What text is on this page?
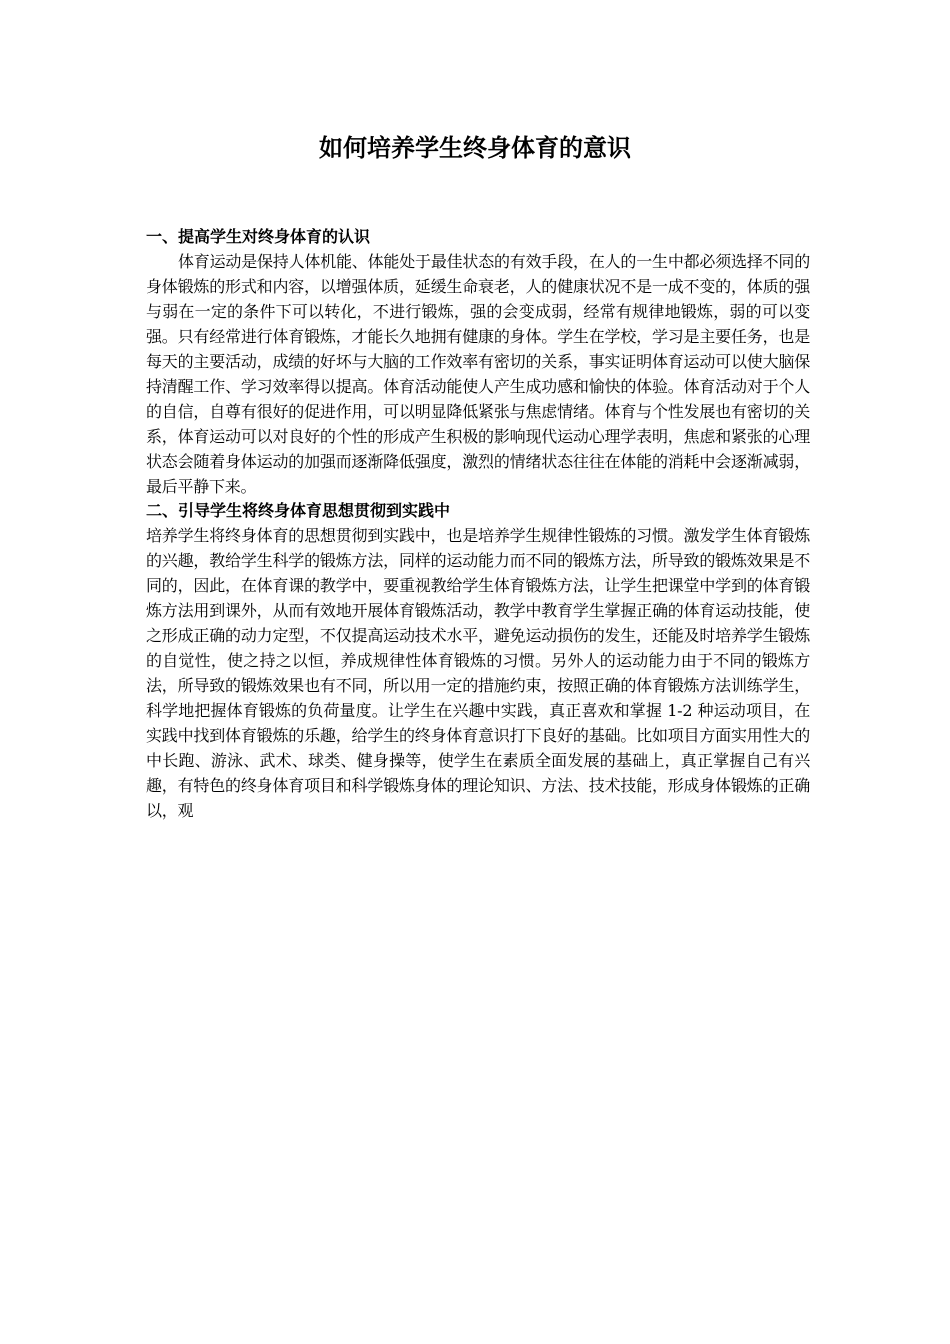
如何培养学生终身体育的意识

一、提高学生对终身体育的认识

体育运动是保持人体机能、体能处于最佳状态的有效手段，在人的一生中都必须选择不同的身体锻炼的形式和内容，以增强体质，延缓生命衰老，人的健康状况不是一成不变的，体质的强与弱在一定的条件下可以转化，不进行锻炼，强的会变成弱，经常有规律地锻炼，弱的可以变强。只有经常进行体育锻炼，才能长久地拥有健康的身体。学生在学校，学习是主要任务，也是每天的主要活动，成绩的好坏与大脑的工作效率有密切的关系，事实证明体育运动可以使大脑保持清醒工作、学习效率得以提高。体育活动能使人产生成功感和愉快的体验。体育活动对于个人的自信，自尊有很好的促进作用，可以明显降低紧张与焦虑情绪。体育与个性发展也有密切的关系，体育运动可以对良好的个性的形成产生积极的影响现代运动心理学表明，焦虑和紧张的心理状态会随着身体运动的加强而逐渐降低强度，激烈的情绪状态往往在体能的消耗中会逐渐减弱，最后平静下来。

二、引导学生将终身体育思想贯彻到实践中

培养学生将终身体育的思想贯彻到实践中，也是培养学生规律性锻炼的习惯。激发学生体育锻炼的兴趣，教给学生科学的锻炼方法，同样的运动能力而不同的锻炼方法，所导致的锻炼效果是不同的，因此，在体育课的教学中，要重视教给学生体育锻炼方法，让学生把课堂中学到的体育锻炼方法用到课外，从而有效地开展体育锻炼活动，教学中教育学生掌握正确的体育运动技能，使之形成正确的动力定型，不仅提高运动技术水平，避免运动损伤的发生，还能及时培养学生锻炼的自觉性，使之持之以恒，养成规律性体育锻炼的习惯。另外人的运动能力由于不同的锻炼方法，所导致的锻炼效果也有不同，所以用一定的措施约束，按照正确的体育锻炼方法训练学生，科学地把握体育锻炼的负荷量度。让学生在兴趣中实践，真正喜欢和掌握 1-2 种运动项目，在实践中找到体育锻炼的乐趣，给学生的终身体育意识打下良好的基础。比如项目方面实用性大的中长跑、游泳、武术、球类、健身操等，使学生在素质全面发展的基础上，真正掌握自己有兴趣，有特色的终身体育项目和科学锻炼身体的理论知识、方法、技术技能，形成身体锻炼的正确以，观
